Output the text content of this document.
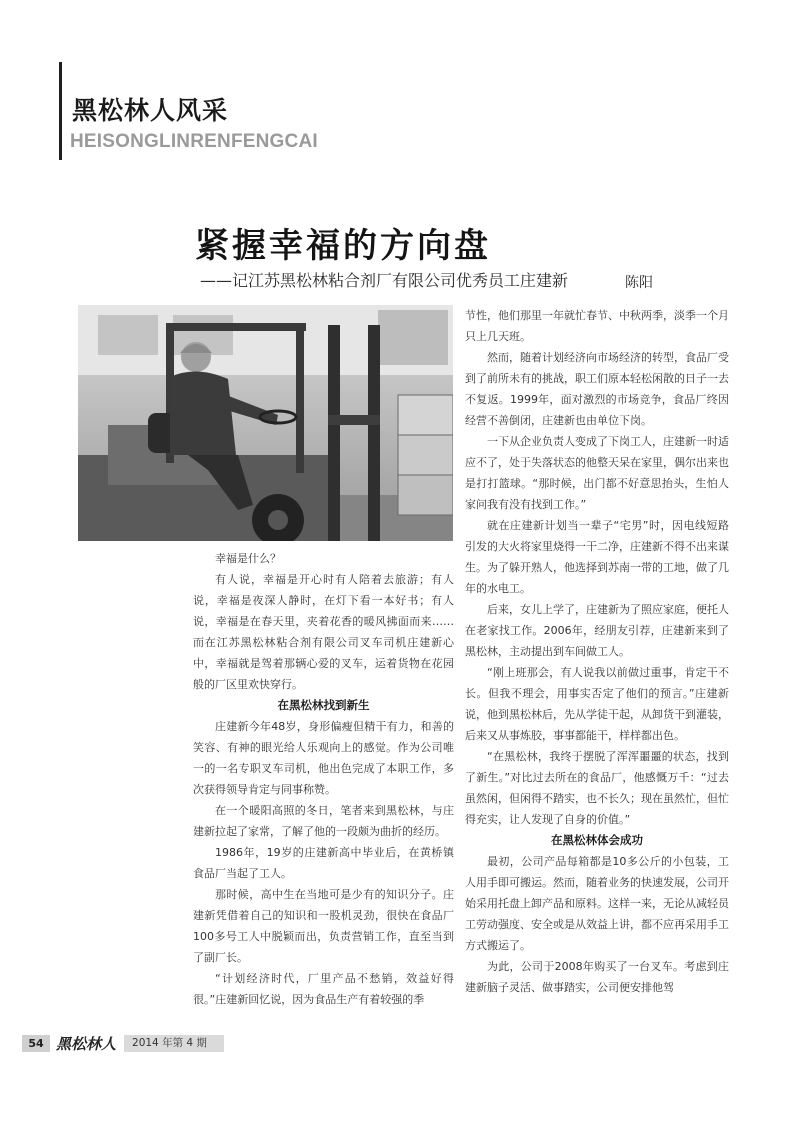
黑松林人风采
HEISONGLINRENFENGCAI
紧握幸福的方向盘
——记江苏黑松林粘合剂厂有限公司优秀员工庄建新	陈阳

幸福是什么？

有人说，幸福是开心时有人陪着去旅游；有人说，幸福是夜深人静时，在灯下看一本好书；有人说，幸福是在春天里，夹着花香的暖风拂面而来……而在江苏黑松林粘合剂有限公司叉车司机庄建新心中，幸福就是驾着那辆心爱的叉车，运着货物在花园般的厂区里欢快穿行。

在黑松林找到新生

庄建新今年48岁，身形偏瘦但精干有力，和善的笑容、有神的眼光给人乐观向上的感觉。作为公司唯一的一名专职叉车司机，他出色完成了本职工作，多次获得领导肯定与同事称赞。

在一个暖阳高照的冬日，笔者来到黑松林，与庄建新拉起了家常，了解了他的一段颇为曲折的经历。

1986年，19岁的庄建新高中毕业后，在黄桥镇食品厂当起了工人。

那时候，高中生在当地可是少有的知识分子。庄建新凭借着自己的知识和一股机灵劲，很快在食品厂100多号工人中脱颖而出，负责营销工作，直至当到了副厂长。

“计划经济时代，厂里产品不愁销，效益好得很。”庄建新回忆说，因为食品生产有着较强的季

节性，他们那里一年就忙春节、中秋两季，淡季一个月只上几天班。

然而，随着计划经济向市场经济的转型，食品厂受到了前所未有的挑战，职工们原本轻松闲散的日子一去不复返。1999年，面对激烈的市场竞争，食品厂终因经营不善倒闭，庄建新也由单位下岗。

一下从企业负责人变成了下岗工人，庄建新一时适应不了，处于失落状态的他整天呆在家里，偶尔出来也是打打篮球。“那时候，出门都不好意思抬头，生怕人家问我有没有找到工作。”

就在庄建新计划当一辈子“宅男”时，因电线短路引发的大火将家里烧得一干二净，庄建新不得不出来谋生。为了躲开熟人，他选择到苏南一带的工地，做了几年的水电工。

后来，女儿上学了，庄建新为了照应家庭，便托人在老家找工作。2006年，经朋友引荐，庄建新来到了黑松林，主动提出到车间做工人。

“刚上班那会，有人说我以前做过重事，肯定干不长。但我不理会，用事实否定了他们的预言。”庄建新说，他到黑松林后，先从学徒干起，从卸货干到灌装，后来又从事炼胶，事事都能干，样样都出色。

“在黑松林，我终于摆脱了浑浑噩噩的状态，找到了新生。”对比过去所在的食品厂，他感慨万千：“过去虽然闲，但闲得不踏实，也不长久；现在虽然忙，但忙得充实，让人发现了自身的价值。”

在黑松林体会成功

最初，公司产品每箱都是10多公斤的小包装，工人用手即可搬运。然而，随着业务的快速发展，公司开始采用托盘上卸产品和原料。这样一来，无论从减轻员工劳动强度、安全或是从效益上讲，都不应再采用手工方式搬运了。

为此，公司于2008年购买了一台叉车。考虑到庄建新脑子灵活、做事踏实，公司便安排他驾

54 黑松林人	2014 年第 4 期
